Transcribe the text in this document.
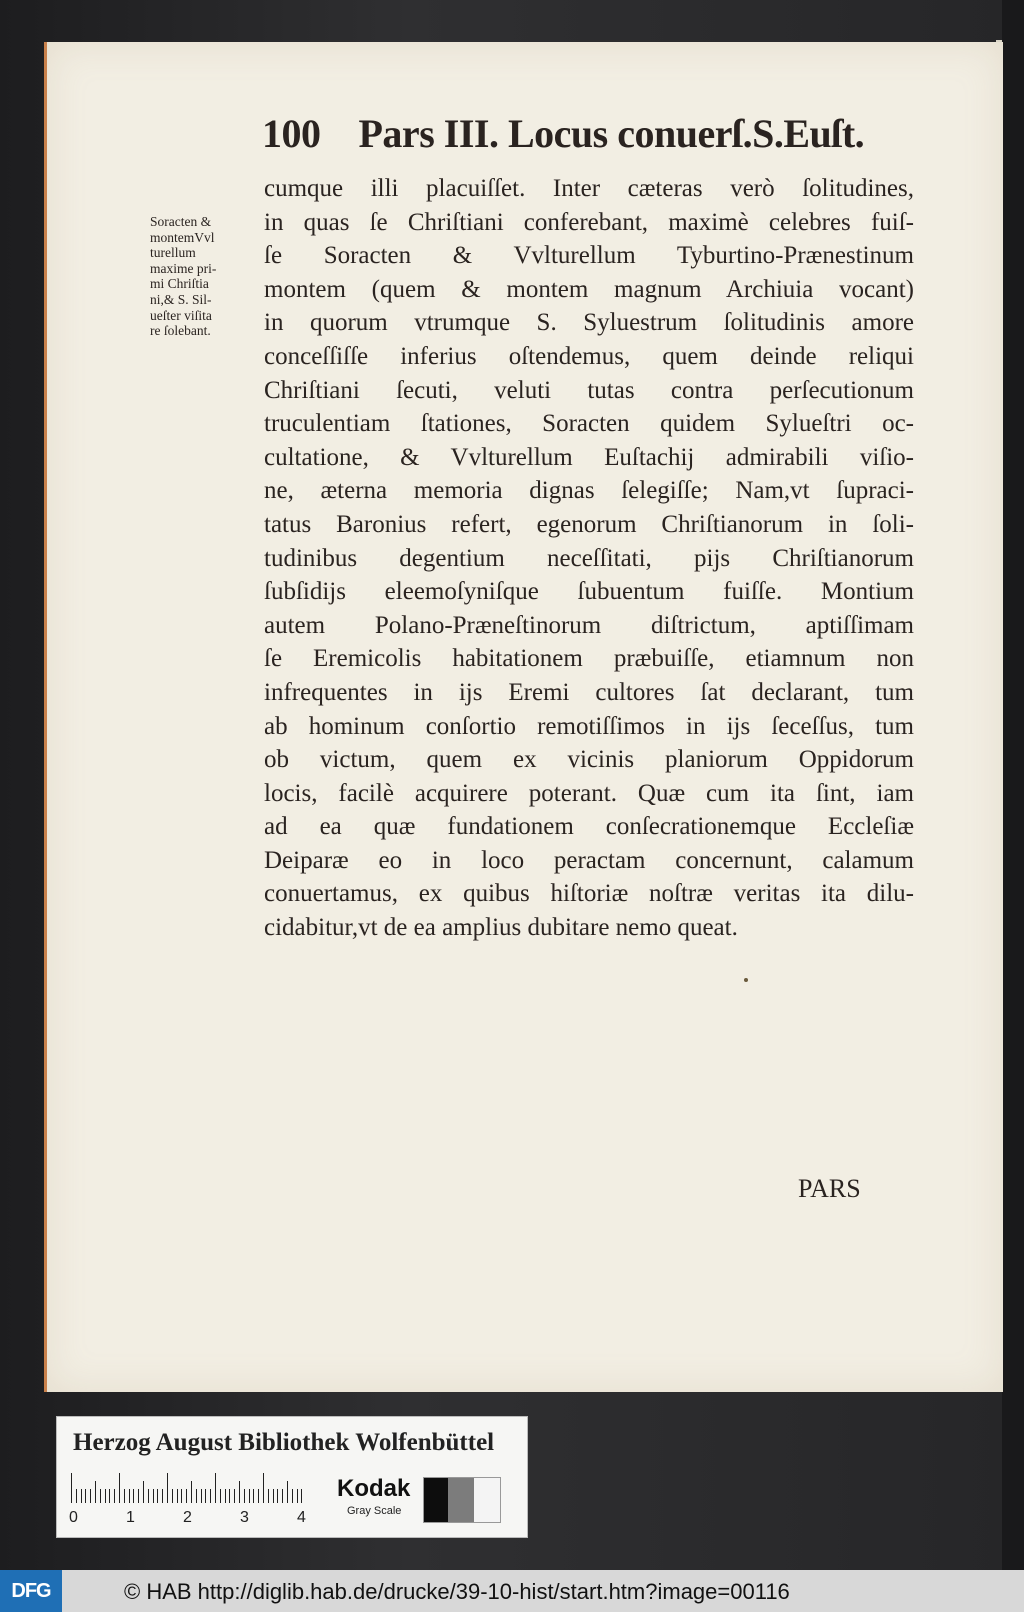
100 Pars III. Locus conuerſ.S.Euſt.
Soracten &
montemVvl
turellum
maxime pri-
mi Chriſtia
ni,& S. Sil-
ueſter viſita
re ſolebant.
cumque illi placuiſſet. Inter cæteras verò ſolitudines,
in quas ſe Chriſtiani conferebant, maximè celebres fuiſ-
ſe Soracten & Vvlturellum Tyburtino-Prænestinum
montem (quem & montem magnum Archiuia vocant)
in quorum vtrumque S. Syluestrum ſolitudinis amore
conceſſiſſe inferius oſtendemus, quem deinde reliqui
Chriſtiani ſecuti, veluti tutas contra perſecutionum
truculentiam ſtationes, Soracten quidem Sylueſtri oc-
cultatione, & Vvlturellum Euſtachij admirabili viſio-
ne, æterna memoria dignas ſelegiſſe; Nam,vt ſupraci-
tatus Baronius refert, egenorum Chriſtianorum in ſoli-
tudinibus degentium neceſſitati, pijs Chriſtianorum
ſubſidijs eleemoſyniſque ſubuentum fuiſſe. Montium
autem Polano-Præneſtinorum diſtrictum, aptiſſimam
ſe Eremicolis habitationem præbuiſſe, etiamnum non
infrequentes in ijs Eremi cultores ſat declarant, tum
ab hominum conſortio remotiſſimos in ijs ſeceſſus, tum
ob victum, quem ex vicinis planiorum Oppidorum
locis, facilè acquirere poterant. Quæ cum ita ſint, iam
ad ea quæ fundationem conſecrationemque Eccleſiæ
Deiparæ eo in loco peractam concernunt, calamum
conuertamus, ex quibus hiſtoriæ noſtræ veritas ita dilu-
cidabitur,vt de ea amplius dubitare nemo queat.
PARS
Herzog August Bibliothek Wolfenbüttel
0	1	2	3	4
Kodak
Gray Scale
DFG	© HAB http://diglib.hab.de/drucke/39-10-hist/start.htm?image=00116
